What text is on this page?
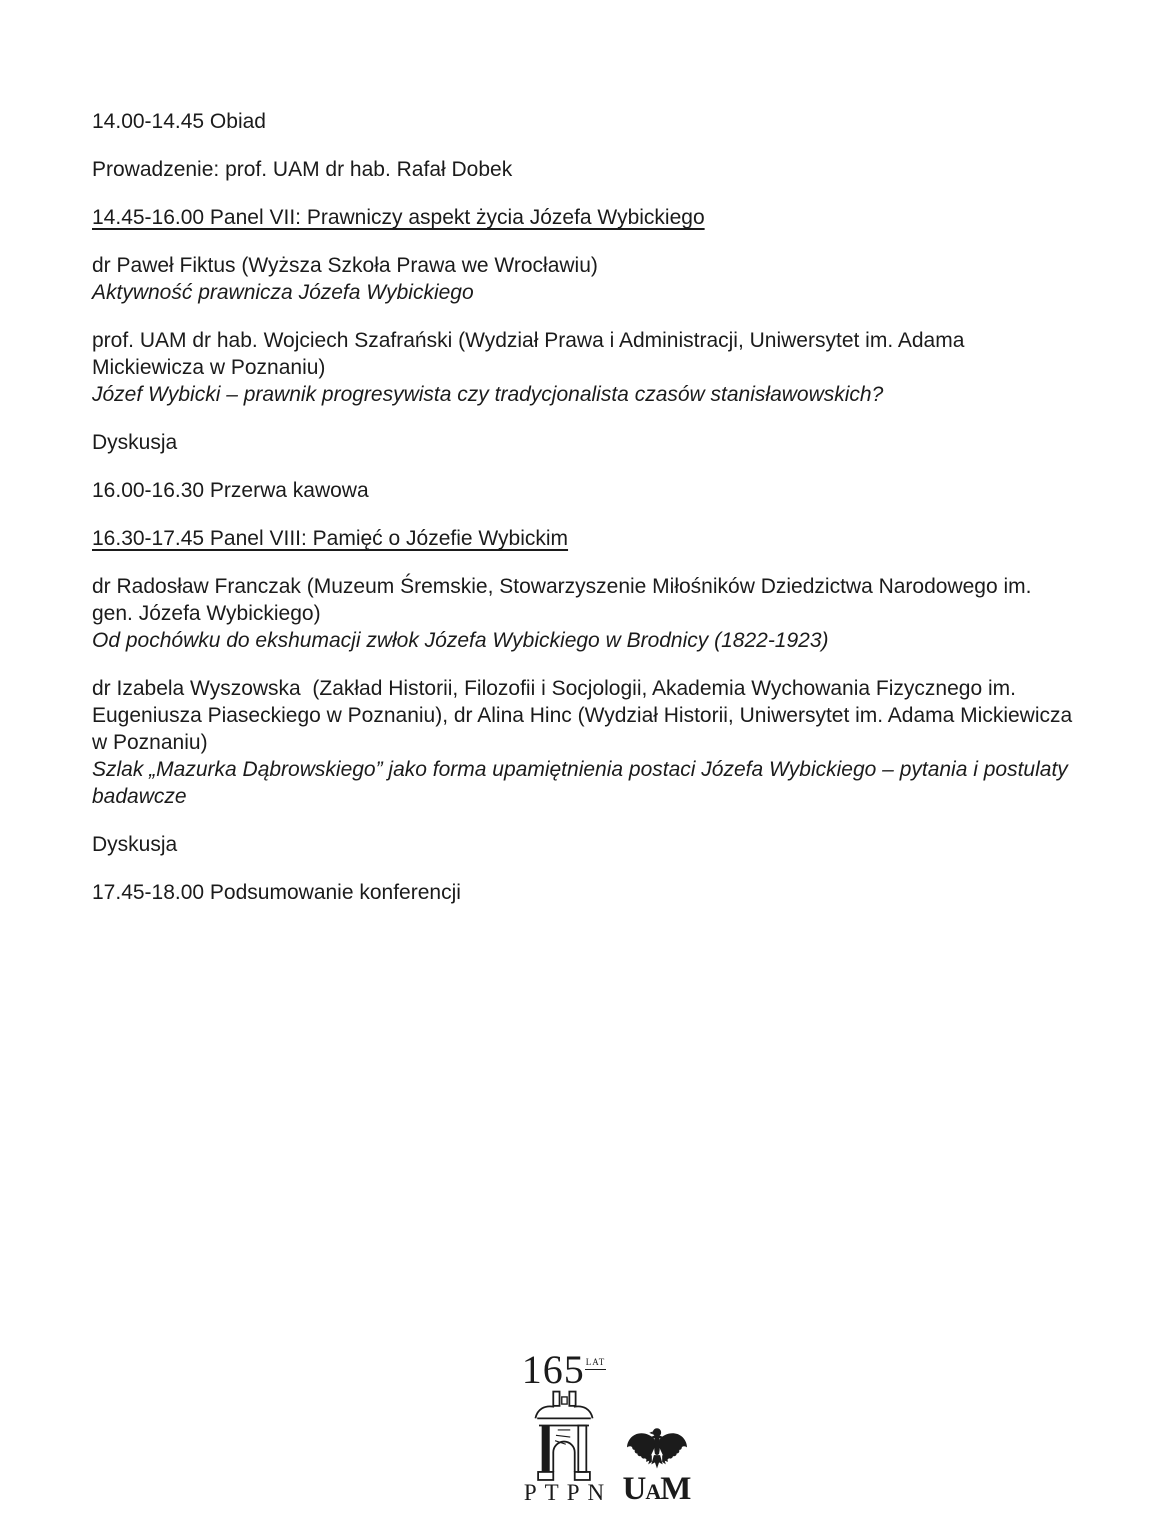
14.00-14.45 Obiad

Prowadzenie: prof. UAM dr hab. Rafał Dobek

14.45-16.00 Panel VII: Prawniczy aspekt życia Józefa Wybickiego

dr Paweł Fiktus (Wyższa Szkoła Prawa we Wrocławiu)
Aktywność prawnicza Józefa Wybickiego

prof. UAM dr hab. Wojciech Szafrański (Wydział Prawa i Administracji, Uniwersytet im. Adama
Mickiewicza w Poznaniu)
Józef Wybicki – prawnik progresywista czy tradycjonalista czasów stanisławowskich?

Dyskusja

16.00-16.30 Przerwa kawowa

16.30-17.45 Panel VIII: Pamięć o Józefie Wybickim

dr Radosław Franczak (Muzeum Śremskie, Stowarzyszenie Miłośników Dziedzictwa Narodowego im.
gen. Józefa Wybickiego)
Od pochówku do ekshumacji zwłok Józefa Wybickiego w Brodnicy (1822-1923)

dr Izabela Wyszowska  (Zakład Historii, Filozofii i Socjologii, Akademia Wychowania Fizycznego im.
Eugeniusza Piaseckiego w Poznaniu), dr Alina Hinc (Wydział Historii, Uniwersytet im. Adama Mickiewicza
w Poznaniu)
Szlak „Mazurka Dąbrowskiego” jako forma upamiętnienia postaci Józefa Wybickiego – pytania i postulaty
badawcze

Dyskusja

17.45-18.00 Podsumowanie konferencji

165 LAT
PTPN U A M
